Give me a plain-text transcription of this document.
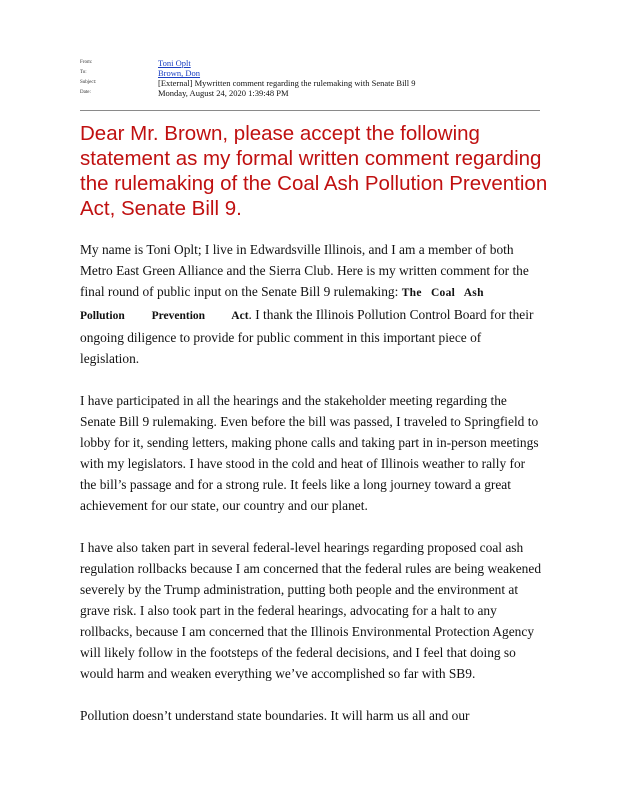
From:	Toni Oplt
To:	Brown, Don
Subject:	[External] Mywritten comment regarding the rulemaking with Senate Bill 9
Date:	Monday, August 24, 2020 1:39:48 PM
Dear Mr. Brown, please accept the following statement as my formal written comment regarding the rulemaking of the Coal Ash Pollution Prevention Act, Senate Bill 9.

My name is Toni Oplt; I live in Edwardsville Illinois, and I am a member of both Metro East Green Alliance and the Sierra Club. Here is my written comment for the final round of public input on the Senate Bill 9 rulemaking: The Coal Ash
Pollution Prevention Act. I thank the Illinois Pollution Control Board for their ongoing diligence to provide for public comment in this important piece of legislation.

I have participated in all the hearings and the stakeholder meeting regarding the Senate Bill 9 rulemaking. Even before the bill was passed, I traveled to Springfield to lobby for it, sending letters, making phone calls and taking part in in-person meetings with my legislators. I have stood in the cold and heat of Illinois weather to rally for the bill’s passage and for a strong rule. It feels like a long journey toward a great achievement for our state, our country and our planet.

I have also taken part in several federal-level hearings regarding proposed coal ash regulation rollbacks because I am concerned that the federal rules are being weakened severely by the Trump administration, putting both people and the environment at grave risk. I also took part in the federal hearings, advocating for a halt to any rollbacks, because I am concerned that the Illinois Environmental Protection Agency will likely follow in the footsteps of the federal decisions, and I feel that doing so would harm and weaken everything we’ve accomplished so far with SB9.

Pollution doesn’t understand state boundaries. It will harm us all and our
